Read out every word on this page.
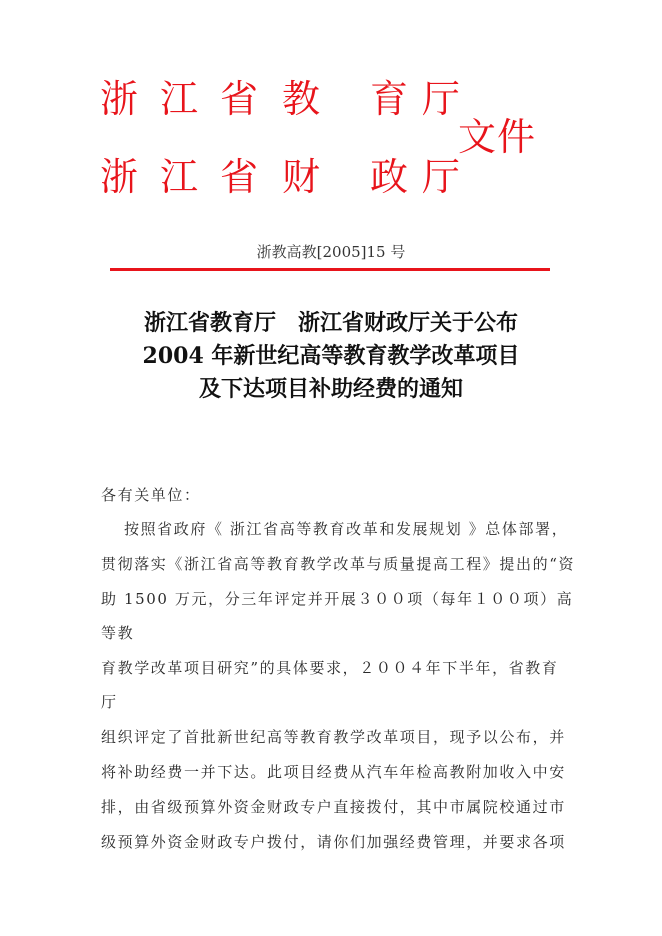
浙 江 省 教 育 厅
文件
浙 江 省 财 政 厅
浙教高教[2005]15 号
浙江省教育厅　浙江省财政厅关于公布
2004 年新世纪高等教育教学改革项目
及下达项目补助经费的通知
各有关单位：
　 按照省政府《 浙江省高等教育改革和发展规划 》总体部署，
贯彻落实《浙江省高等教育教学改革与质量提高工程》提出的“资
助 1500 万元，分三年评定并开展３００项（每年１００项）高
等教
育教学改革项目研究”的具体要求，２００４年下半年，省教育
厅
组织评定了首批新世纪高等教育教学改革项目，现予以公布，并
将补助经费一并下达。此项目经费从汽车年检高教附加收入中安
排，由省级预算外资金财政专户直接拨付，其中市属院校通过市
级预算外资金财政专户拨付，请你们加强经费管理，并要求各项
